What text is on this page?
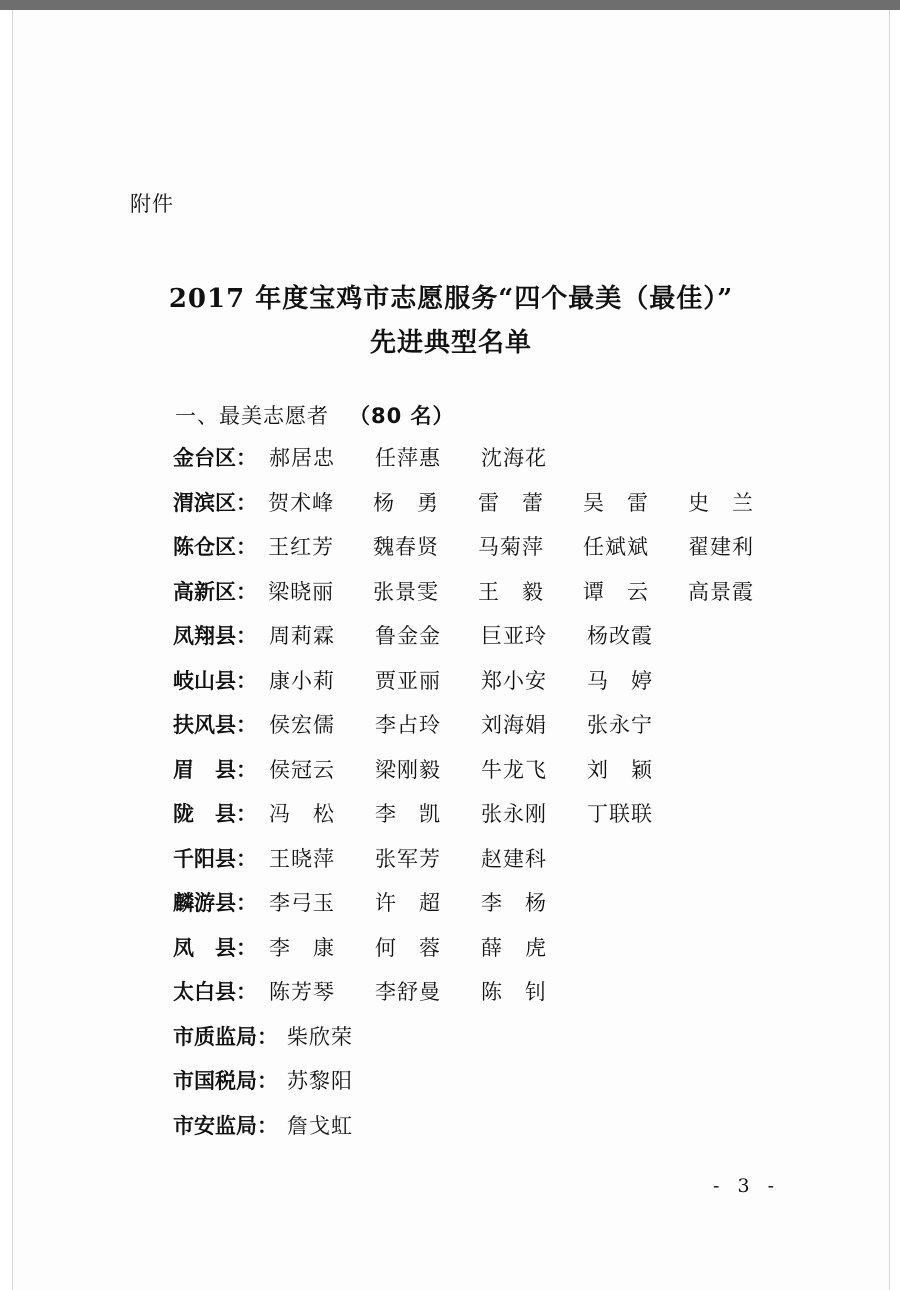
附件
2017 年度宝鸡市志愿服务“四个最美（最佳）”
先进典型名单
一、最美志愿者 （80 名）
金台区： 郝居忠	任萍惠	沈海花
渭滨区： 贺术峰	杨　勇	雷　蕾	吴　雷	史　兰
陈仓区： 王红芳	魏春贤	马菊萍	任斌斌	翟建利
高新区： 梁晓丽	张景雯	王　毅	谭　云	高景霞
凤翔县： 周莉霖	鲁金金	巨亚玲	杨改霞
岐山县： 康小莉	贾亚丽	郑小安	马　婷
扶风县： 侯宏儒	李占玲	刘海娟	张永宁
眉　县： 侯冠云	梁刚毅	牛龙飞	刘　颖
陇　县： 冯　松	李　凯	张永刚	丁联联
千阳县： 王晓萍	张军芳	赵建科
麟游县： 李弓玉	许　超	李　杨
凤　县： 李　康	何　蓉	薛　虎
太白县： 陈芳琴	李舒曼	陈　钊
市质监局： 柴欣荣
市国税局： 苏黎阳
市安监局： 詹戈虹
- 3 -
